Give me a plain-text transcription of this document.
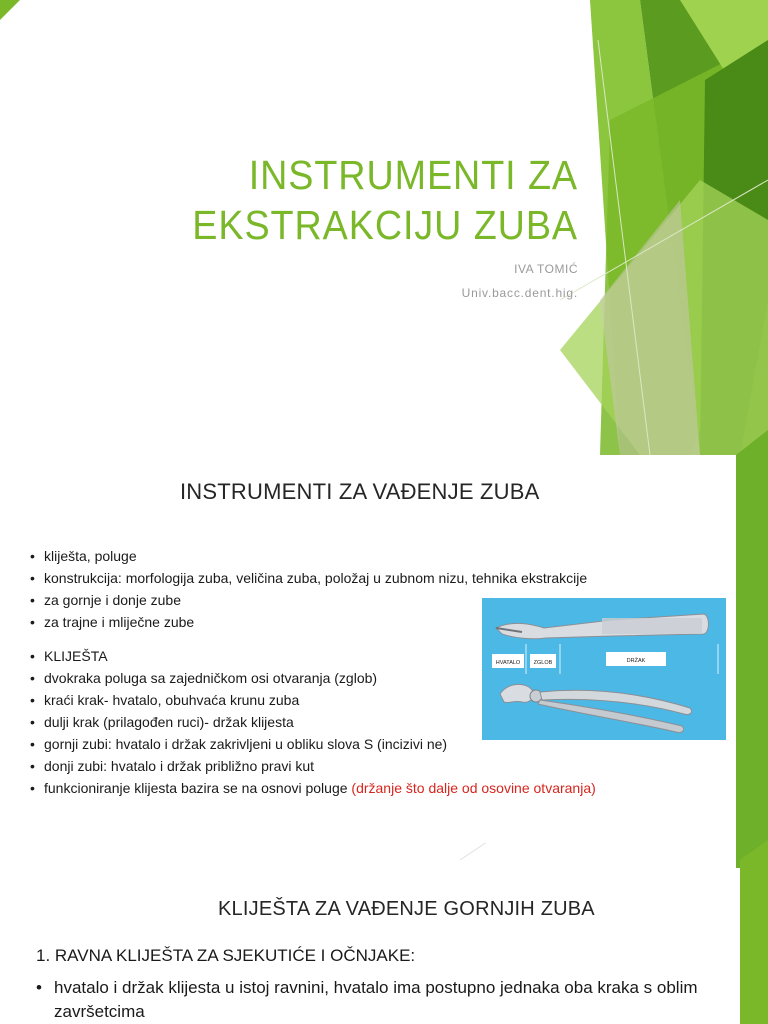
INSTRUMENTI ZA
EKSTRAKCIJU ZUBA
IVA TOMIĆ
Univ.bacc.dent.hig.
INSTRUMENTI ZA VAĐENJE ZUBA
• kliješta, poluge
• konstrukcija: morfologija zuba, veličina zuba, položaj u zubnom nizu, tehnika ekstrakcije
• za gornje i donje zube
• za trajne i mliječne zube
• KLIJEŠTA
• dvokraka poluga sa zajedničkom osi otvaranja (zglob)
• kraći krak- hvatalo, obuhvaća krunu zuba
• dulji krak (prilagođen ruci)- držak klijesta
• gornji zubi: hvatalo i držak zakrivljeni u obliku slova S (incizivi ne)
• donji zubi: hvatalo i držak približno pravi kut
• funkcioniranje klijesta bazira se na osnovi poluge (držanje što dalje od osovine otvaranja)
HVATALO ZGLOB	DRŽAK
KLIJEŠTA ZA VAĐENJE GORNJIH ZUBA
1. RAVNA KLIJEŠTA ZA SJEKUTIĆE I OČNJAKE:
• hvatalo i držak klijesta u istoj ravnini, hvatalo ima postupno jednaka oba kraka s oblim završetcima
